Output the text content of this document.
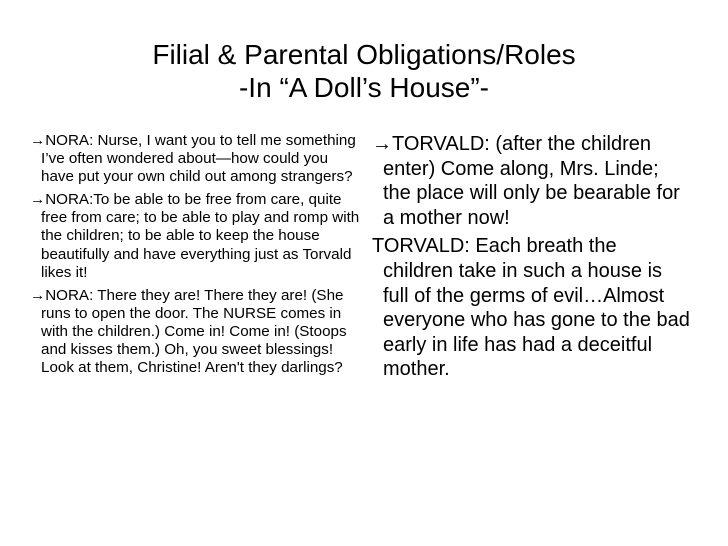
Filial & Parental Obligations/Roles
-In “A Doll’s House”-
→ NORA: Nurse, I want you to tell me something I’ve often wondered about—how could you have put your own child out among strangers?
→ NORA:To be able to be free from care, quite free from care; to be able to play and romp with the children; to be able to keep the house beautifully and have everything just as Torvald likes it!
→ NORA: There they are! There they are! (She runs to open the door. The NURSE comes in with the children.) Come in! Come in! (Stoops and kisses them.) Oh, you sweet blessings! Look at them, Christine! Aren't they darlings?
→ TORVALD: (after the children enter) Come along, Mrs. Linde; the place will only be bearable for a mother now!
TORVALD: Each breath the children take in such a house is full of the germs of evil…Almost everyone who has gone to the bad early in life has had a deceitful mother.
